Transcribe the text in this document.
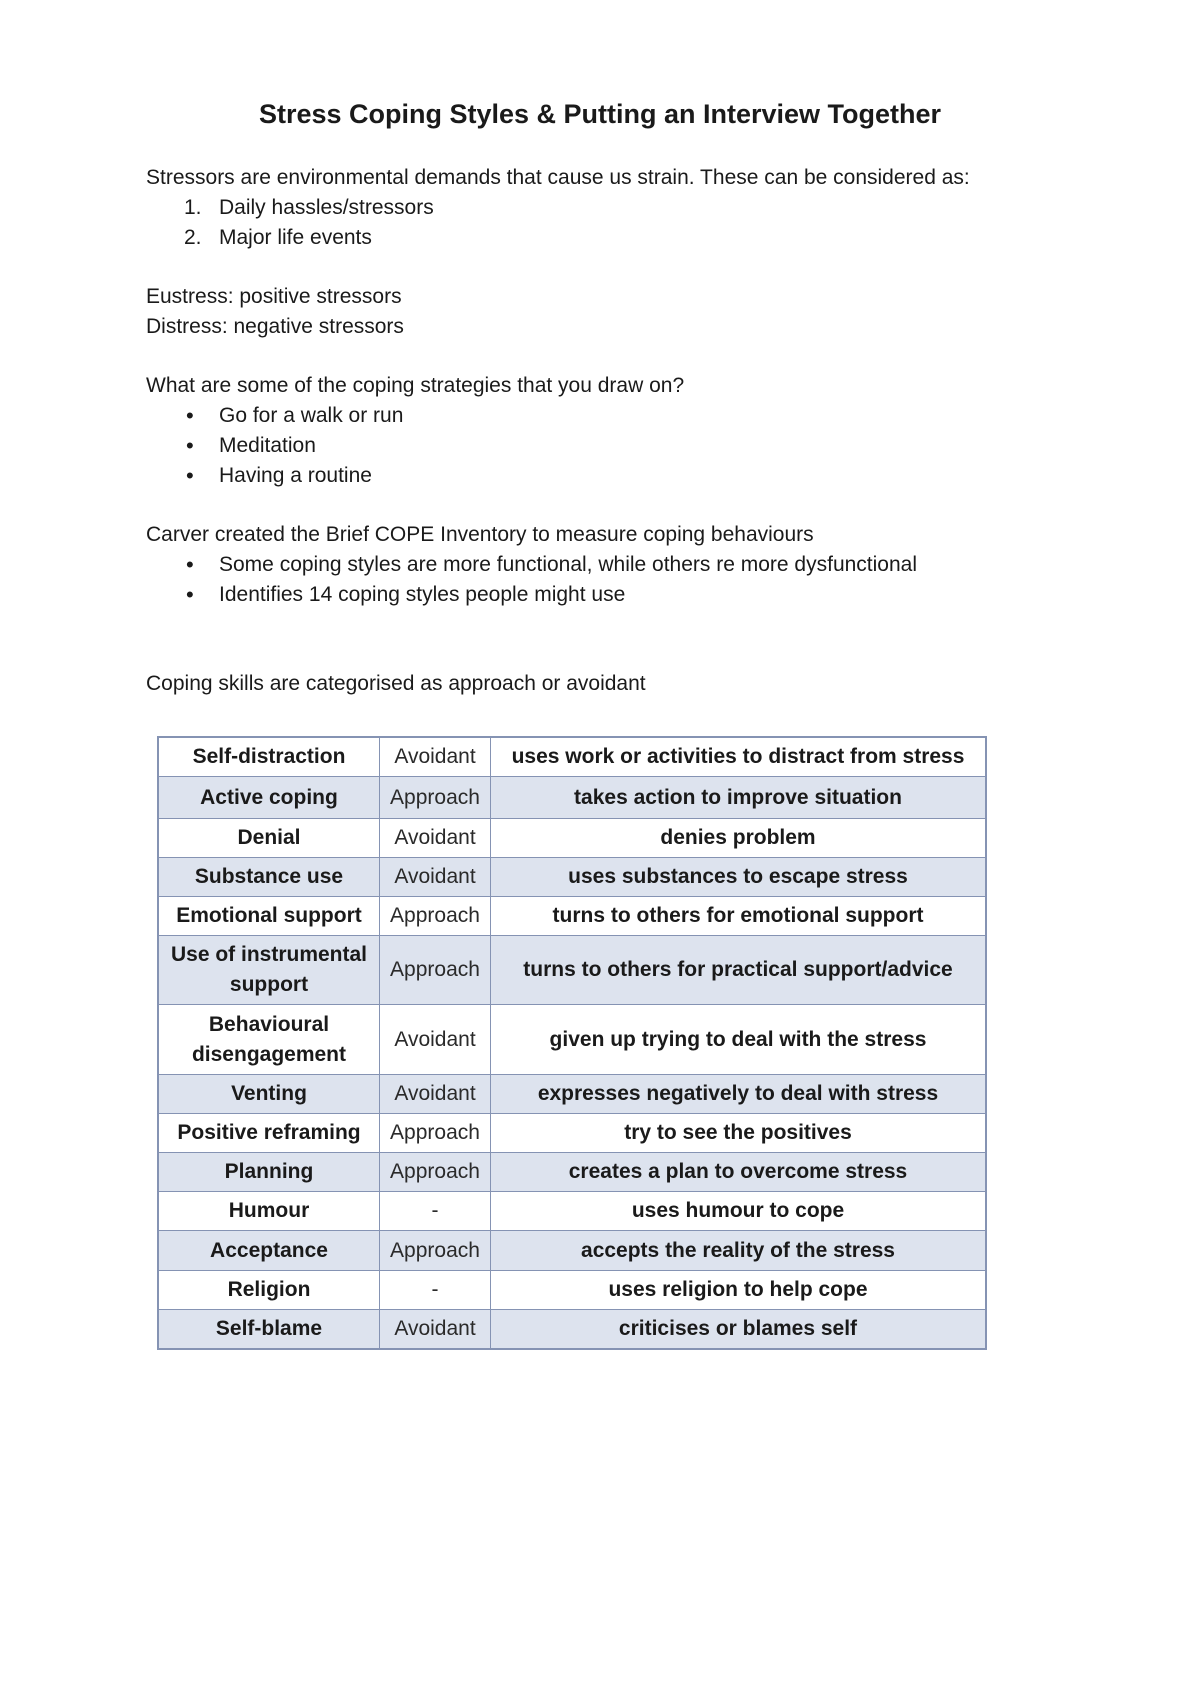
Stress Coping Styles & Putting an Interview Together
Stressors are environmental demands that cause us strain. These can be considered as:
1. Daily hassles/stressors
2. Major life events
Eustress: positive stressors
Distress: negative stressors
What are some of the coping strategies that you draw on?
• Go for a walk or run
• Meditation
• Having a routine
Carver created the Brief COPE Inventory to measure coping behaviours
• Some coping styles are more functional, while others re more dysfunctional
• Identifies 14 coping styles people might use
Coping skills are categorised as approach or avoidant
Self-distraction	Avoidant	uses work or activities to distract from stress
Active coping	Approach	takes action to improve situation
Denial	Avoidant	denies problem
Substance use	Avoidant	uses substances to escape stress
Emotional support	Approach	turns to others for emotional support
Use of instrumental support	Approach	turns to others for practical support/advice
Behavioural disengagement	Avoidant	given up trying to deal with the stress
Venting	Avoidant	expresses negatively to deal with stress
Positive reframing	Approach	try to see the positives
Planning	Approach	creates a plan to overcome stress
Humour	-	uses humour to cope
Acceptance	Approach	accepts the reality of the stress
Religion	-	uses religion to help cope
Self-blame	Avoidant	criticises or blames self
